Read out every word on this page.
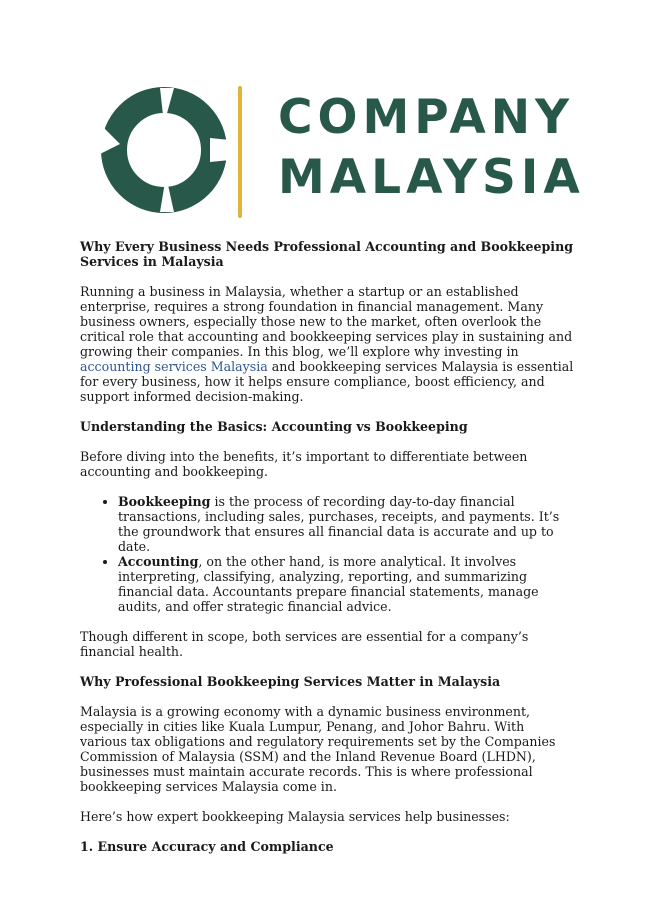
COMPANY
MALAYSIA
Why Every Business Needs Professional Accounting and Bookkeeping Services in Malaysia

Running a business in Malaysia, whether a startup or an established enterprise, requires a strong foundation in financial management. Many business owners, especially those new to the market, often overlook the critical role that accounting and bookkeeping services play in sustaining and growing their companies. In this blog, we’ll explore why investing in accounting services Malaysia and bookkeeping services Malaysia is essential for every business, how it helps ensure compliance, boost efficiency, and support informed decision-making.

Understanding the Basics: Accounting vs Bookkeeping

Before diving into the benefits, it’s important to differentiate between accounting and bookkeeping.

• Bookkeeping is the process of recording day-to-day financial transactions, including sales, purchases, receipts, and payments. It’s the groundwork that ensures all financial data is accurate and up to date.
• Accounting, on the other hand, is more analytical. It involves interpreting, classifying, analyzing, reporting, and summarizing financial data. Accountants prepare financial statements, manage audits, and offer strategic financial advice.

Though different in scope, both services are essential for a company’s financial health.

Why Professional Bookkeeping Services Matter in Malaysia

Malaysia is a growing economy with a dynamic business environment, especially in cities like Kuala Lumpur, Penang, and Johor Bahru. With various tax obligations and regulatory requirements set by the Companies Commission of Malaysia (SSM) and the Inland Revenue Board (LHDN), businesses must maintain accurate records. This is where professional bookkeeping services Malaysia come in.

Here’s how expert bookkeeping Malaysia services help businesses:

1. Ensure Accuracy and Compliance
